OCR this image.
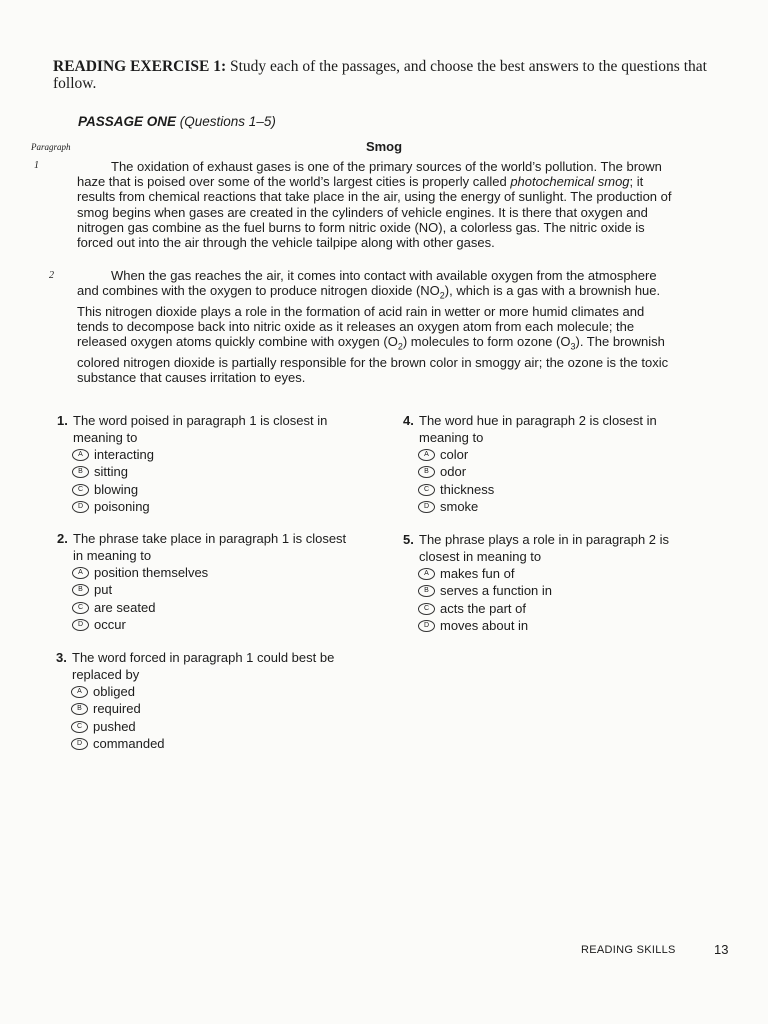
READING EXERCISE 1: Study each of the passages, and choose the best answers to the questions that follow.
PASSAGE ONE (Questions 1–5)
Paragraph	Smog
1	The oxidation of exhaust gases is one of the primary sources of the world’s pollution. The brown haze that is poised over some of the world’s largest cities is properly called photochemical smog; it results from chemical reactions that take place in the air, using the energy of sunlight. The production of smog begins when gases are created in the cylinders of vehicle engines. It is there that oxygen and nitrogen gas combine as the fuel burns to form nitric oxide (NO), a colorless gas. The nitric oxide is forced out into the air through the vehicle tailpipe along with other gases.

2	When the gas reaches the air, it comes into contact with available oxygen from the atmosphere and combines with the oxygen to produce nitrogen dioxide $(NO_2)$, which is a gas with a brownish hue. This nitrogen dioxide plays a role in the formation of acid rain in wetter or more humid climates and tends to decompose back into nitric oxide as it releases an oxygen atom from each molecule; the released oxygen atoms quickly combine with oxygen $(O_2)$ molecules to form ozone $(O_3)$. The brownish colored nitrogen dioxide is partially responsible for the brown color in smoggy air; the ozone is the toxic substance that causes irritation to eyes.

1. The word poised in paragraph 1 is closest in meaning to
A interacting
B sitting
C blowing
D poisoning
2. The phrase take place in paragraph 1 is closest in meaning to
A position themselves
B put
C are seated
D occur
3. The word forced in paragraph 1 could best be replaced by
A obliged
B required
C pushed
D commanded
4. The word hue in paragraph 2 is closest in meaning to
A color
B odor
C thickness
D smoke
5. The phrase plays a role in in paragraph 2 is closest in meaning to
A makes fun of
B serves a function in
C acts the part of
D moves about in
READING SKILLS	13
